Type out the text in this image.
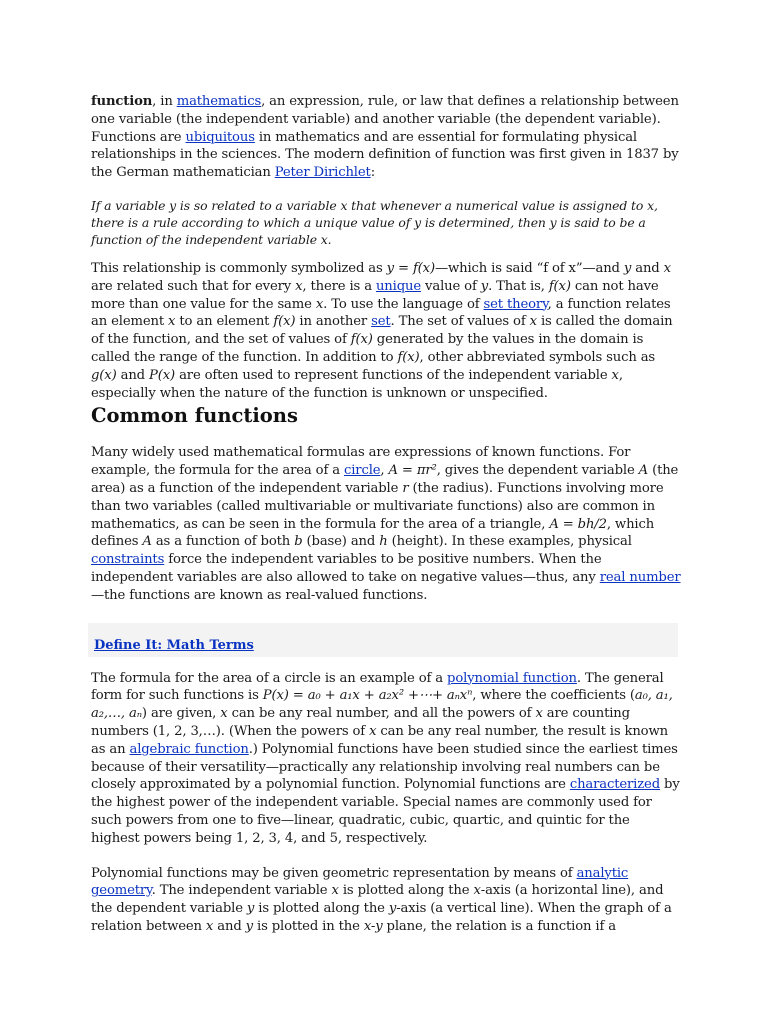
function, in mathematics, an expression, rule, or law that defines a relationship between one variable (the independent variable) and another variable (the dependent variable). Functions are ubiquitous in mathematics and are essential for formulating physical relationships in the sciences. The modern definition of function was first given in 1837 by the German mathematician Peter Dirichlet:

If a variable y is so related to a variable x that whenever a numerical value is assigned to x, there is a rule according to which a unique value of y is determined, then y is said to be a function of the independent variable x.

This relationship is commonly symbolized as y = f(x)—which is said “f of x”—and y and x are related such that for every x, there is a unique value of y. That is, f(x) can not have more than one value for the same x. To use the language of set theory, a function relates an element x to an element f(x) in another set. The set of values of x is called the domain of the function, and the set of values of f(x) generated by the values in the domain is called the range of the function. In addition to f(x), other abbreviated symbols such as g(x) and P(x) are often used to represent functions of the independent variable x, especially when the nature of the function is unknown or unspecified.

Common functions

Many widely used mathematical formulas are expressions of known functions. For example, the formula for the area of a circle, A = πr², gives the dependent variable A (the area) as a function of the independent variable r (the radius). Functions involving more than two variables (called multivariable or multivariate functions) also are common in mathematics, as can be seen in the formula for the area of a triangle, A = bh/2, which defines A as a function of both b (base) and h (height). In these examples, physical constraints force the independent variables to be positive numbers. When the independent variables are also allowed to take on negative values—thus, any real number—the functions are known as real-valued functions.

Define It: Math Terms

The formula for the area of a circle is an example of a polynomial function. The general form for such functions is P(x) = a₀ + a₁x + a₂x² +⋯+ aₙxⁿ, where the coefficients (a₀, a₁, a₂,…, aₙ) are given, x can be any real number, and all the powers of x are counting numbers (1, 2, 3,…). (When the powers of x can be any real number, the result is known as an algebraic function.) Polynomial functions have been studied since the earliest times because of their versatility—practically any relationship involving real numbers can be closely approximated by a polynomial function. Polynomial functions are characterized by the highest power of the independent variable. Special names are commonly used for such powers from one to five—linear, quadratic, cubic, quartic, and quintic for the highest powers being 1, 2, 3, 4, and 5, respectively.

Polynomial functions may be given geometric representation by means of analytic geometry. The independent variable x is plotted along the x-axis (a horizontal line), and the dependent variable y is plotted along the y-axis (a vertical line). When the graph of a relation between x and y is plotted in the x-y plane, the relation is a function if a
